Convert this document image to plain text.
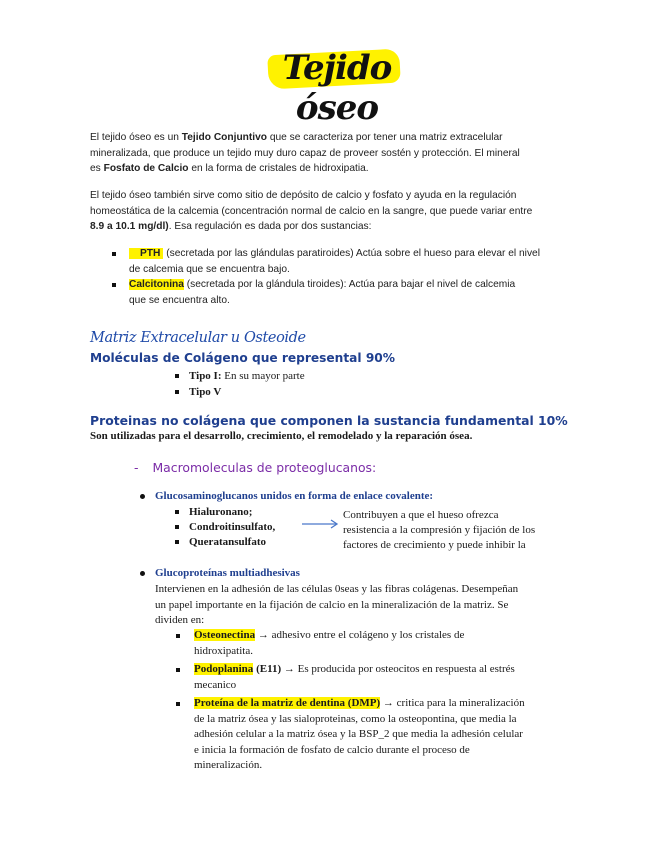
Tejido óseo
El tejido óseo es un Tejido Conjuntivo que se caracteriza por tener una matriz extracelular
mineralizada, que produce un tejido muy duro capaz de proveer sostén y protección. El mineral
es Fosfato de Calcio en la forma de cristales de hidroxipatia.
El tejido óseo también sirve como sitio de depósito de calcio y fosfato y ayuda en la regulación
homeostática de la calcemia (concentración normal de calcio en la sangre, que puede variar entre
8.9 a 10.1 mg/dl). Esa regulación es dada por dos sustancias:
PTH (secretada por las glándulas paratiroides) Actúa sobre el hueso para elevar el nivel
de calcemia que se encuentra bajo.
Calcitonina (secretada por la glándula tiroides): Actúa para bajar el nivel de calcemia
que se encuentra alto.
Matriz Extracelular u Osteoide
Moléculas de Colágeno que represental 90%
Tipo I: En su mayor parte
Tipo V
Proteinas no colágena que componen la sustancia fundamental 10%
Son utilizadas para el desarrollo, crecimiento, el remodelado y la reparación ósea.
- Macromoleculas de proteoglucanos:
Glucosaminoglucanos unidos en forma de enlace covalente:
Hialuronano;
Condroitinsulfato,
Queratansulfato
Contribuyen a que el hueso ofrezca
resistencia a la compresión y fijación de los
factores de crecimiento y puede inhibir la
Glucoproteínas multiadhesivas
Intervienen en la adhesión de las células 0seas y las fibras colágenas. Desempeñan
un papel importante en la fijación de calcio en la mineralización de la matriz. Se
dividen en:
Osteonectina → adhesivo entre el colágeno y los cristales de
hidroxipatita.
Podoplanina (E11) → Es producida por osteocitos en respuesta al estrés
mecanico
Proteína de la matriz de dentina (DMP) → critica para la mineralización
de la matriz ósea y las sialoproteinas, como la osteopontina, que media la
adhesión celular a la matriz ósea y la BSP_2 que media la adhesión celular
e inicia la formación de fosfato de calcio durante el proceso de
mineralización.
